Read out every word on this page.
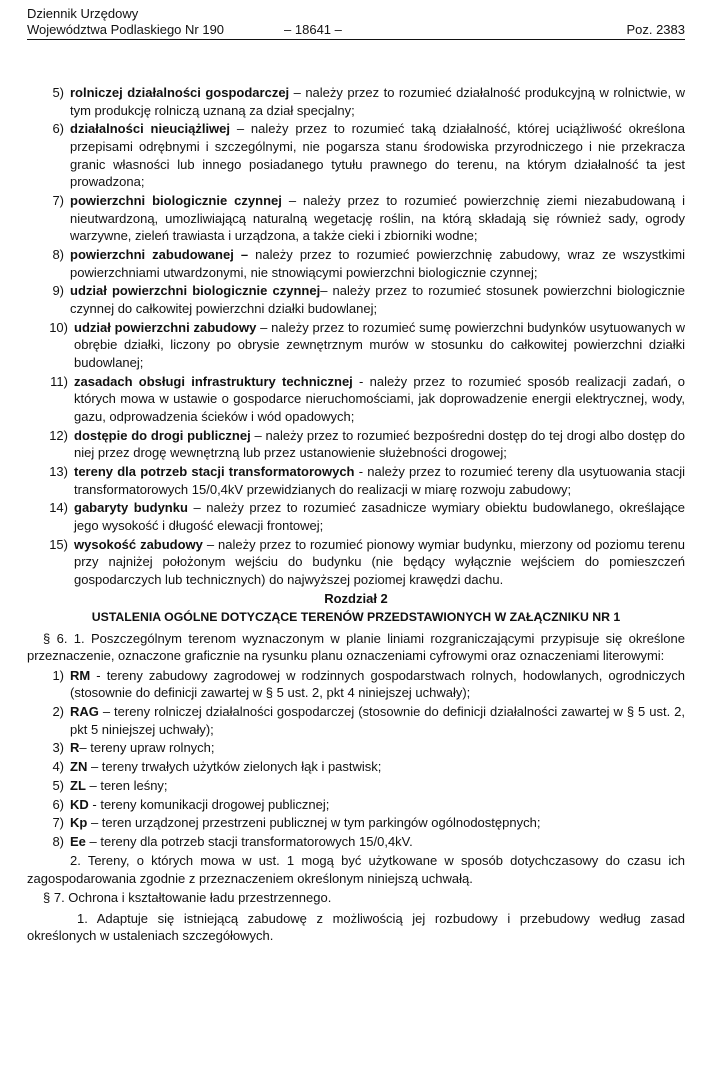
Dziennik Urzędowy
Województwa Podlaskiego Nr 190	– 18641 –	Poz. 2383
5) rolniczej działalności gospodarczej – należy przez to rozumieć działalność produkcyjną w rolnictwie, w tym produkcję rolniczą uznaną za dział specjalny;
6) działalności nieuciążliwej – należy przez to rozumieć taką działalność, której uciążliwość określona przepisami odrębnymi i szczególnymi, nie pogarsza stanu środowiska przyrodniczego i nie przekracza granic własności lub innego posiadanego tytułu prawnego do terenu, na którym działalność ta jest prowadzona;
7) powierzchni biologicznie czynnej – należy przez to rozumieć powierzchnię ziemi niezabudowaną i nieutwardzoną, umozliwiającą naturalną wegetację roślin, na którą składają się również sady, ogrody warzywne, zieleń trawiasta i urządzona, a także cieki i zbiorniki wodne;
8) powierzchni zabudowanej – należy przez to rozumieć powierzchnię zabudowy, wraz ze wszystkimi powierzchniami utwardzonymi, nie stnowiącymi powierzchni biologicznie czynnej;
9) udział powierzchni biologicznie czynnej– należy przez to rozumieć stosunek powierzchni biologicznie czynnej do całkowitej powierzchni działki budowlanej;
10) udział powierzchni zabudowy – należy przez to rozumieć sumę powierzchni budynków usytuowanych w obrębie działki, liczony po obrysie zewnętrznym murów w stosunku do całkowitej powierzchni działki budowlanej;
11) zasadach obsługi infrastruktury technicznej - należy przez to rozumieć sposób realizacji zadań, o których mowa w ustawie o gospodarce nieruchomościami, jak doprowadzenie energii elektrycznej, wody, gazu, odprowadzenia ścieków i wód opadowych;
12) dostępie do drogi publicznej – należy przez to rozumieć bezpośredni dostęp do tej drogi albo dostęp do niej przez drogę wewnętrzną lub przez ustanowienie służebności drogowej;
13) tereny dla potrzeb stacji transformatorowych - należy przez to rozumieć tereny dla usytuowania stacji transformatorowych 15/0,4kV przewidzianych do realizacji w miarę rozwoju zabudowy;
14) gabaryty budynku – należy przez to rozumieć zasadnicze wymiary obiektu budowlanego, określające jego wysokość i długość elewacji frontowej;
15) wysokość zabudowy – należy przez to rozumieć pionowy wymiar budynku, mierzony od poziomu terenu przy najniżej położonym wejściu do budynku (nie będący wyłącznie wejściem do pomieszczeń gospodarczych lub technicznych) do najwyższej poziomej krawędzi dachu.
Rozdział 2
USTALENIA OGÓLNE DOTYCZĄCE TERENÓW PRZEDSTAWIONYCH W ZAŁĄCZNIKU NR 1
§ 6. 1. Poszczególnym terenom wyznaczonym w planie liniami rozgraniczającymi przypisuje się określone przeznaczenie, oznaczone graficznie na rysunku planu oznaczeniami cyfrowymi oraz oznaczeniami literowymi:
1) RM - tereny zabudowy zagrodowej w rodzinnych gospodarstwach rolnych, hodowlanych, ogrodniczych (stosownie do definicji zawartej w § 5 ust. 2, pkt 4 niniejszej uchwały);
2) RAG – tereny rolniczej działalności gospodarczej (stosownie do definicji działalności zawartej w § 5 ust. 2, pkt 5 niniejszej uchwały);
3) R– tereny upraw rolnych;
4) ZN – tereny trwałych użytków zielonych łąk i pastwisk;
5) ZL – teren leśny;
6) KD - tereny komunikacji drogowej publicznej;
7) Kp – teren urządzonej przestrzeni publicznej w tym parkingów ogólnodostępnych;
8) Ee – tereny dla potrzeb stacji transformatorowych 15/0,4kV.
2. Tereny, o których mowa w ust. 1 mogą być użytkowane w sposób dotychczasowy do czasu ich zagospodarowania zgodnie z przeznaczeniem określonym niniejszą uchwałą.
§ 7. Ochrona i kształtowanie ładu przestrzennego.
1. Adaptuje się istniejącą zabudowę z możliwością jej rozbudowy i przebudowy według zasad określonych w ustaleniach szczegółowych.
